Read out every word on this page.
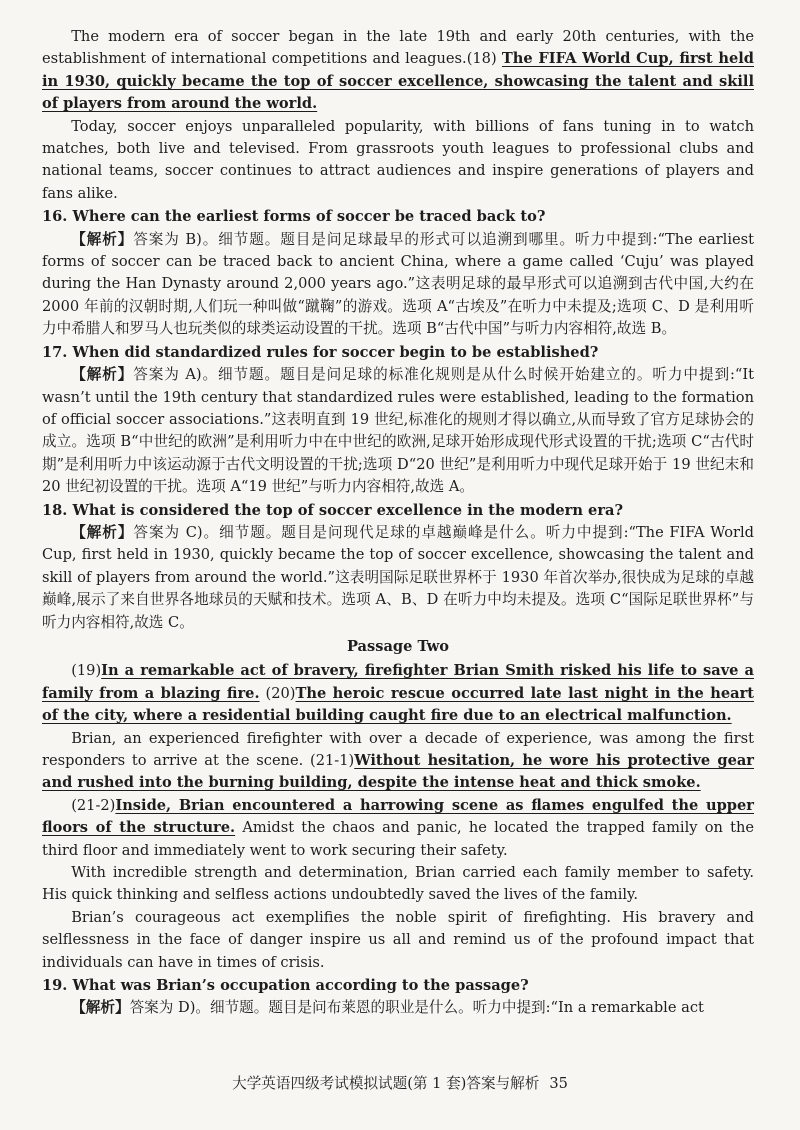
The modern era of soccer began in the late 19th and early 20th centuries, with the establishment of international competitions and leagues.(18) The FIFA World Cup, first held in 1930, quickly became the top of soccer excellence, showcasing the talent and skill of players from around the world.

Today, soccer enjoys unparalleled popularity, with billions of fans tuning in to watch matches, both live and televised. From grassroots youth leagues to professional clubs and national teams, soccer continues to attract audiences and inspire generations of players and fans alike.

16. Where can the earliest forms of soccer be traced back to?

【解析】答案为 B)。细节题。题目是问足球最早的形式可以追溯到哪里。听力中提到:“The earliest forms of soccer can be traced back to ancient China, where a game called ‘Cuju’ was played during the Han Dynasty around 2,000 years ago.”这表明足球的最早形式可以追溯到古代中国,大约在 2000 年前的汉朝时期,人们玩一种叫做“蹴鞠”的游戏。选项 A“古埃及”在听力中未提及;选项 C、D 是利用听力中希腊人和罗马人也玩类似的球类运动设置的干扰。选项 B“古代中国”与听力内容相符,故选 B。

17. When did standardized rules for soccer begin to be established?

【解析】答案为 A)。细节题。题目是问足球的标准化规则是从什么时候开始建立的。听力中提到:“It wasn’t until the 19th century that standardized rules were established, leading to the formation of official soccer associations.”这表明直到 19 世纪,标准化的规则才得以确立,从而导致了官方足球协会的成立。选项 B“中世纪的欧洲”是利用听力中在中世纪的欧洲,足球开始形成现代形式设置的干扰;选项 C“古代时期”是利用听力中该运动源于古代文明设置的干扰;选项 D“20 世纪”是利用听力中现代足球开始于 19 世纪末和 20 世纪初设置的干扰。选项 A“19 世纪”与听力内容相符,故选 A。

18. What is considered the top of soccer excellence in the modern era?

【解析】答案为 C)。细节题。题目是问现代足球的卓越巅峰是什么。听力中提到:“The FIFA World Cup, first held in 1930, quickly became the top of soccer excellence, showcasing the talent and skill of players from around the world.”这表明国际足联世界杯于 1930 年首次举办,很快成为足球的卓越巅峰,展示了来自世界各地球员的天赋和技术。选项 A、B、D 在听力中均未提及。选项 C“国际足联世界杯”与听力内容相符,故选 C。

Passage Two

(19)In a remarkable act of bravery, firefighter Brian Smith risked his life to save a family from a blazing fire. (20)The heroic rescue occurred late last night in the heart of the city, where a residential building caught fire due to an electrical malfunction.

Brian, an experienced firefighter with over a decade of experience, was among the first responders to arrive at the scene. (21-1)Without hesitation, he wore his protective gear and rushed into the burning building, despite the intense heat and thick smoke.

(21-2)Inside, Brian encountered a harrowing scene as flames engulfed the upper floors of the structure. Amidst the chaos and panic, he located the trapped family on the third floor and immediately went to work securing their safety.

With incredible strength and determination, Brian carried each family member to safety. His quick thinking and selfless actions undoubtedly saved the lives of the family.

Brian’s courageous act exemplifies the noble spirit of firefighting. His bravery and selflessness in the face of danger inspire us all and remind us of the profound impact that individuals can have in times of crisis.

19. What was Brian’s occupation according to the passage?

【解析】答案为 D)。细节题。题目是问布莱恩的职业是什么。听力中提到:“In a remarkable act

大学英语四级考试模拟试题(第 1 套)答案与解析 35
